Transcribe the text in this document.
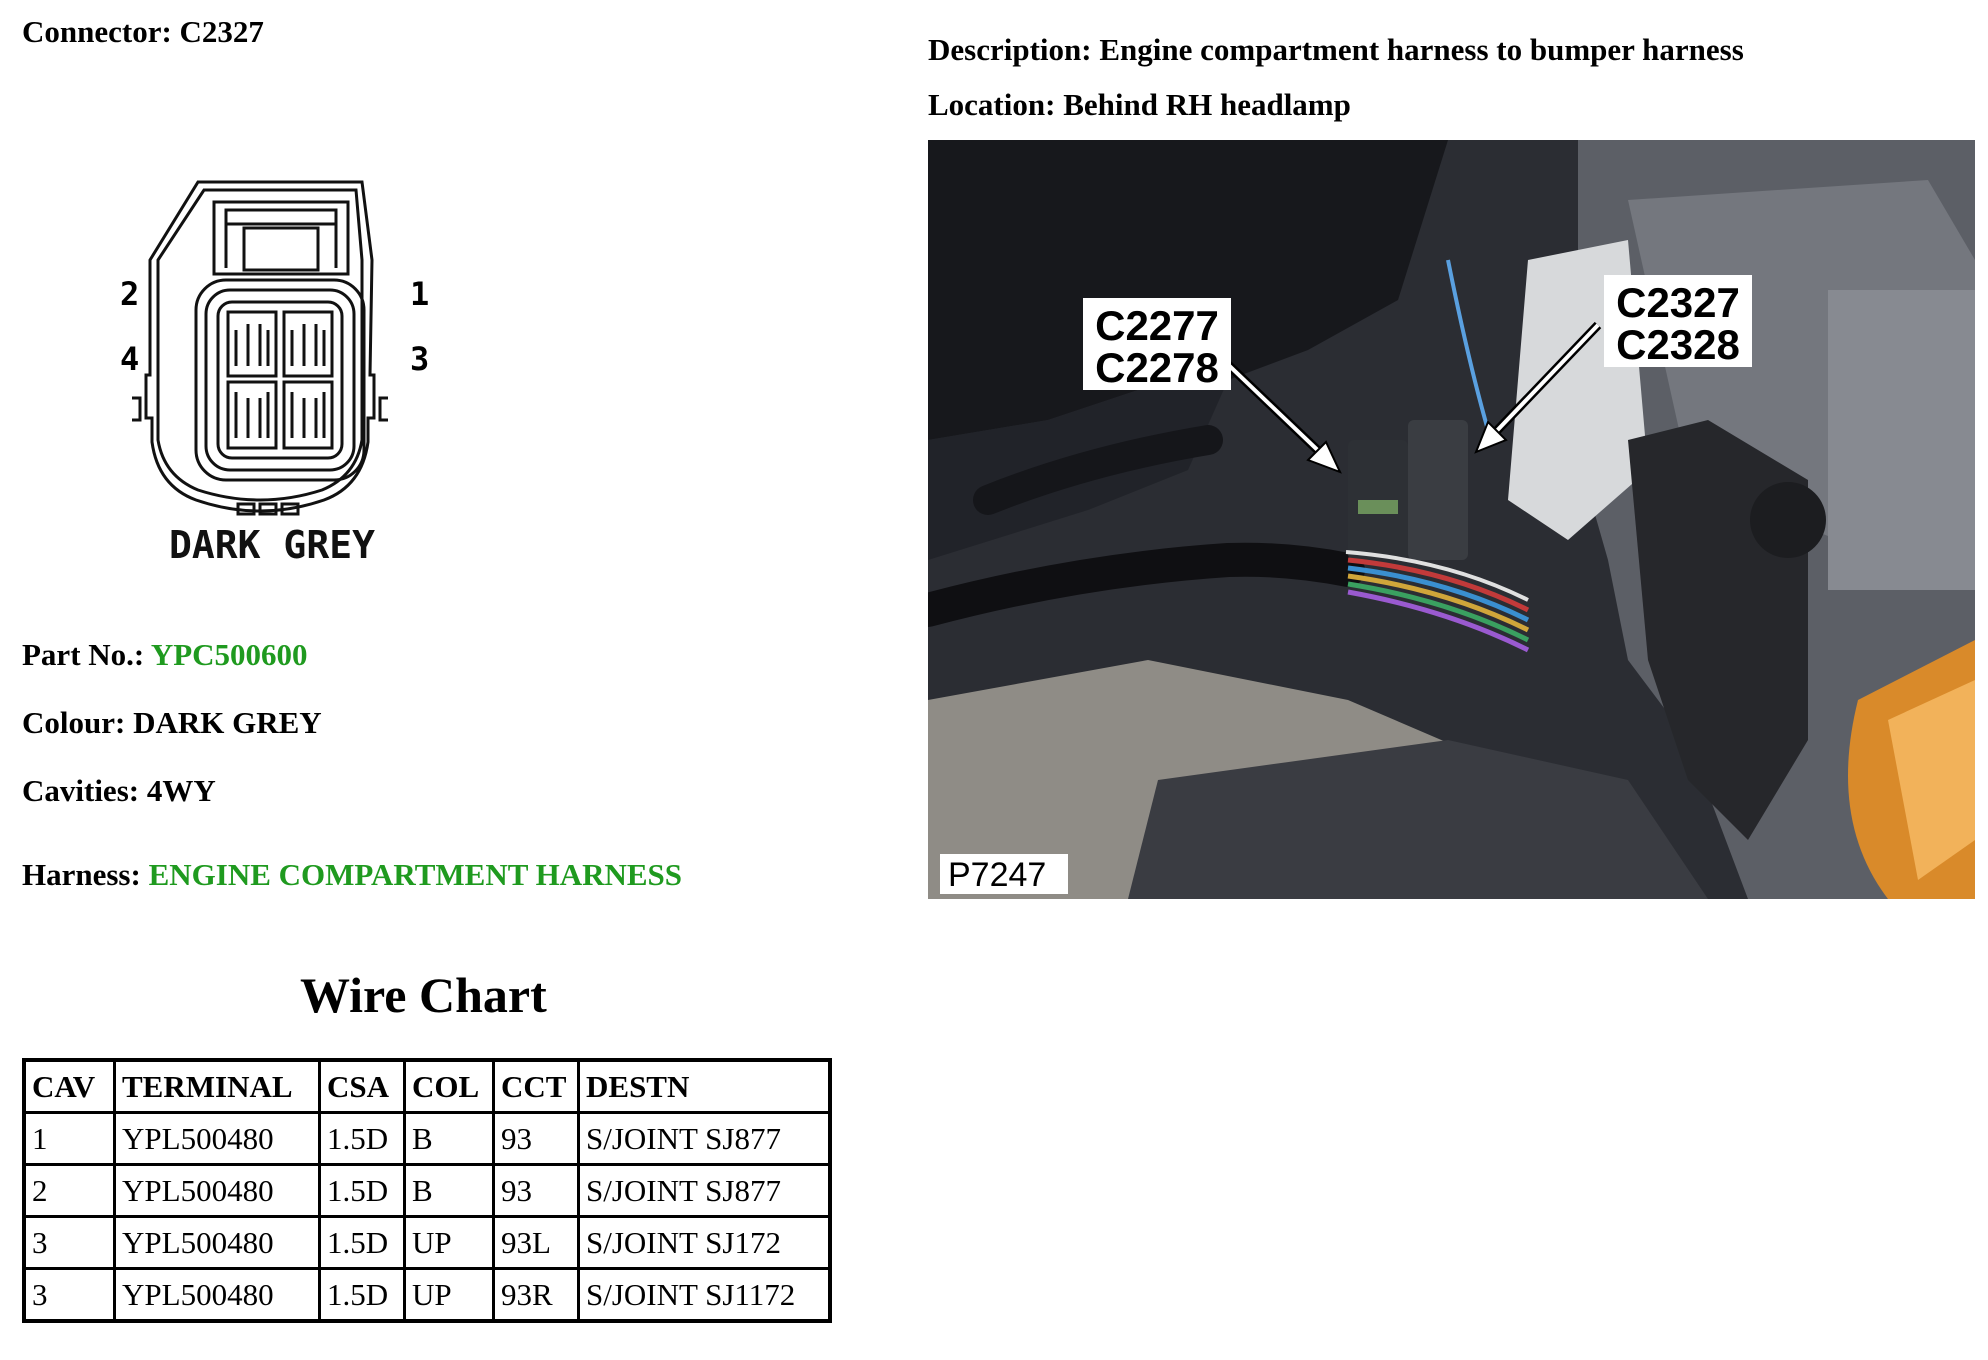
Connector: C2327
2
4
1
3
DARK GREY
Part No.: YPC500600
Colour: DARK GREY
Cavities: 4WY
Harness: ENGINE COMPARTMENT HARNESS
Wire Chart
CAV	TERMINAL	CSA	COL	CCT	DESTN
1	YPL500480	1.5D	B	93	S/JOINT SJ877
2	YPL500480	1.5D	B	93	S/JOINT SJ877
3	YPL500480	1.5D	UP	93L	S/JOINT SJ172
3	YPL500480	1.5D	UP	93R	S/JOINT SJ1172
Description: Engine compartment harness to bumper harness
Location: Behind RH headlamp
C2277
C2278
C2327
C2328
P7247
